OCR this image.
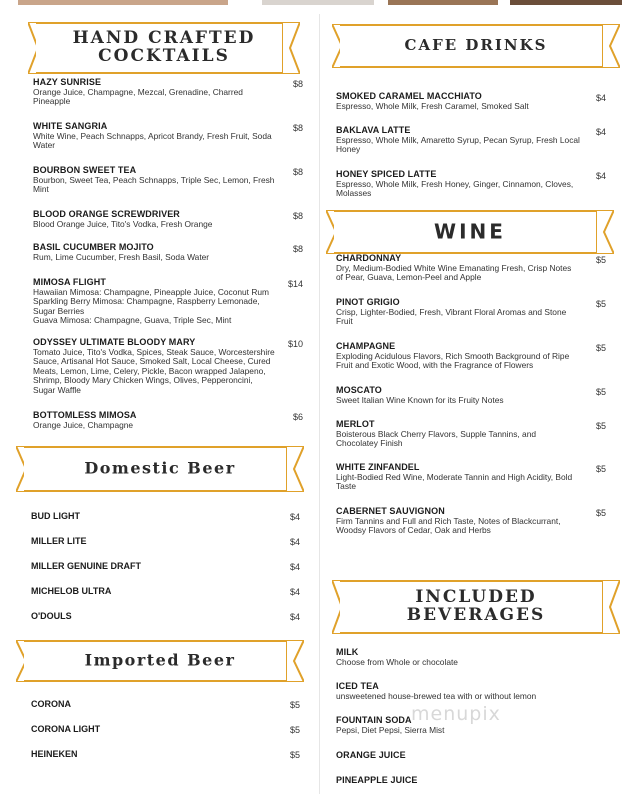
HAND CRAFTED
COCKTAILS
HAZY SUNRISE	$8
Orange Juice, Champagne, Mezcal, Grenadine, Charred
Pineapple
WHITE SANGRIA	$8
White Wine, Peach Schnapps, Apricot Brandy, Fresh Fruit, Soda
Water
BOURBON SWEET TEA	$8
Bourbon, Sweet Tea, Peach Schnapps, Triple Sec, Lemon, Fresh
Mint
BLOOD ORANGE SCREWDRIVER	$8
Blood Orange Juice, Tito's Vodka, Fresh Orange
BASIL CUCUMBER MOJITO	$8
Rum, Lime Cucumber, Fresh Basil, Soda Water
MIMOSA FLIGHT	$14
Hawaiian Mimosa: Champagne, Pineapple Juice, Coconut Rum
Sparkling Berry Mimosa: Champagne, Raspberry Lemonade,
Sugar Berries
Guava Mimosa: Champagne, Guava, Triple Sec, Mint
ODYSSEY ULTIMATE BLOODY MARY	$10
Tomato Juice, Tito's Vodka, Spices, Steak Sauce, Worcestershire
Sauce, Artisanal Hot Sauce, Smoked Salt, Local Cheese, Cured
Meats, Lemon, Lime, Celery, Pickle, Bacon wrapped Jalapeno,
Shrimp, Bloody Mary Chicken Wings, Olives, Pepperoncini,
Sugar Waffle
BOTTOMLESS MIMOSA	$6
Orange Juice, Champagne
Domestic Beer
BUD LIGHT	$4
MILLER LITE	$4
MILLER GENUINE DRAFT	$4
MICHELOB ULTRA	$4
O'DOULS	$4
Imported Beer
CORONA	$5
CORONA LIGHT	$5
HEINEKEN	$5
CAFE DRINKS
SMOKED CARAMEL MACCHIATO	$4
Espresso, Whole Milk, Fresh Caramel, Smoked Salt
BAKLAVA LATTE	$4
Espresso, Whole Milk, Amaretto Syrup, Pecan Syrup, Fresh Local
Honey
HONEY SPICED LATTE	$4
Espresso, Whole Milk, Fresh Honey, Ginger, Cinnamon, Cloves,
Molasses
WINE
CHARDONNAY	$5
Dry, Medium-Bodied White Wine Emanating Fresh, Crisp Notes
of Pear, Guava, Lemon-Peel and Apple
PINOT GRIGIO	$5
Crisp, Lighter-Bodied, Fresh, Vibrant Floral Aromas and Stone
Fruit
CHAMPAGNE	$5
Exploding Acidulous Flavors, Rich Smooth Background of Ripe
Fruit and Exotic Wood, with the Fragrance of Flowers
MOSCATO	$5
Sweet Italian Wine Known for its Fruity Notes
MERLOT	$5
Boisterous Black Cherry Flavors, Supple Tannins, and
Chocolatey Finish
WHITE ZINFANDEL	$5
Light-Bodied Red Wine, Moderate Tannin and High Acidity, Bold
Taste
CABERNET SAUVIGNON	$5
Firm Tannins and Full and Rich Taste, Notes of Blackcurrant,
Woodsy Flavors of Cedar, Oak and Herbs
INCLUDED
BEVERAGES
MILK
Choose from Whole or chocolate
ICED TEA
unsweetened house-brewed tea with or without lemon
FOUNTAIN SODA
Pepsi, Diet Pepsi, Sierra Mist
ORANGE JUICE
PINEAPPLE JUICE
menupix
